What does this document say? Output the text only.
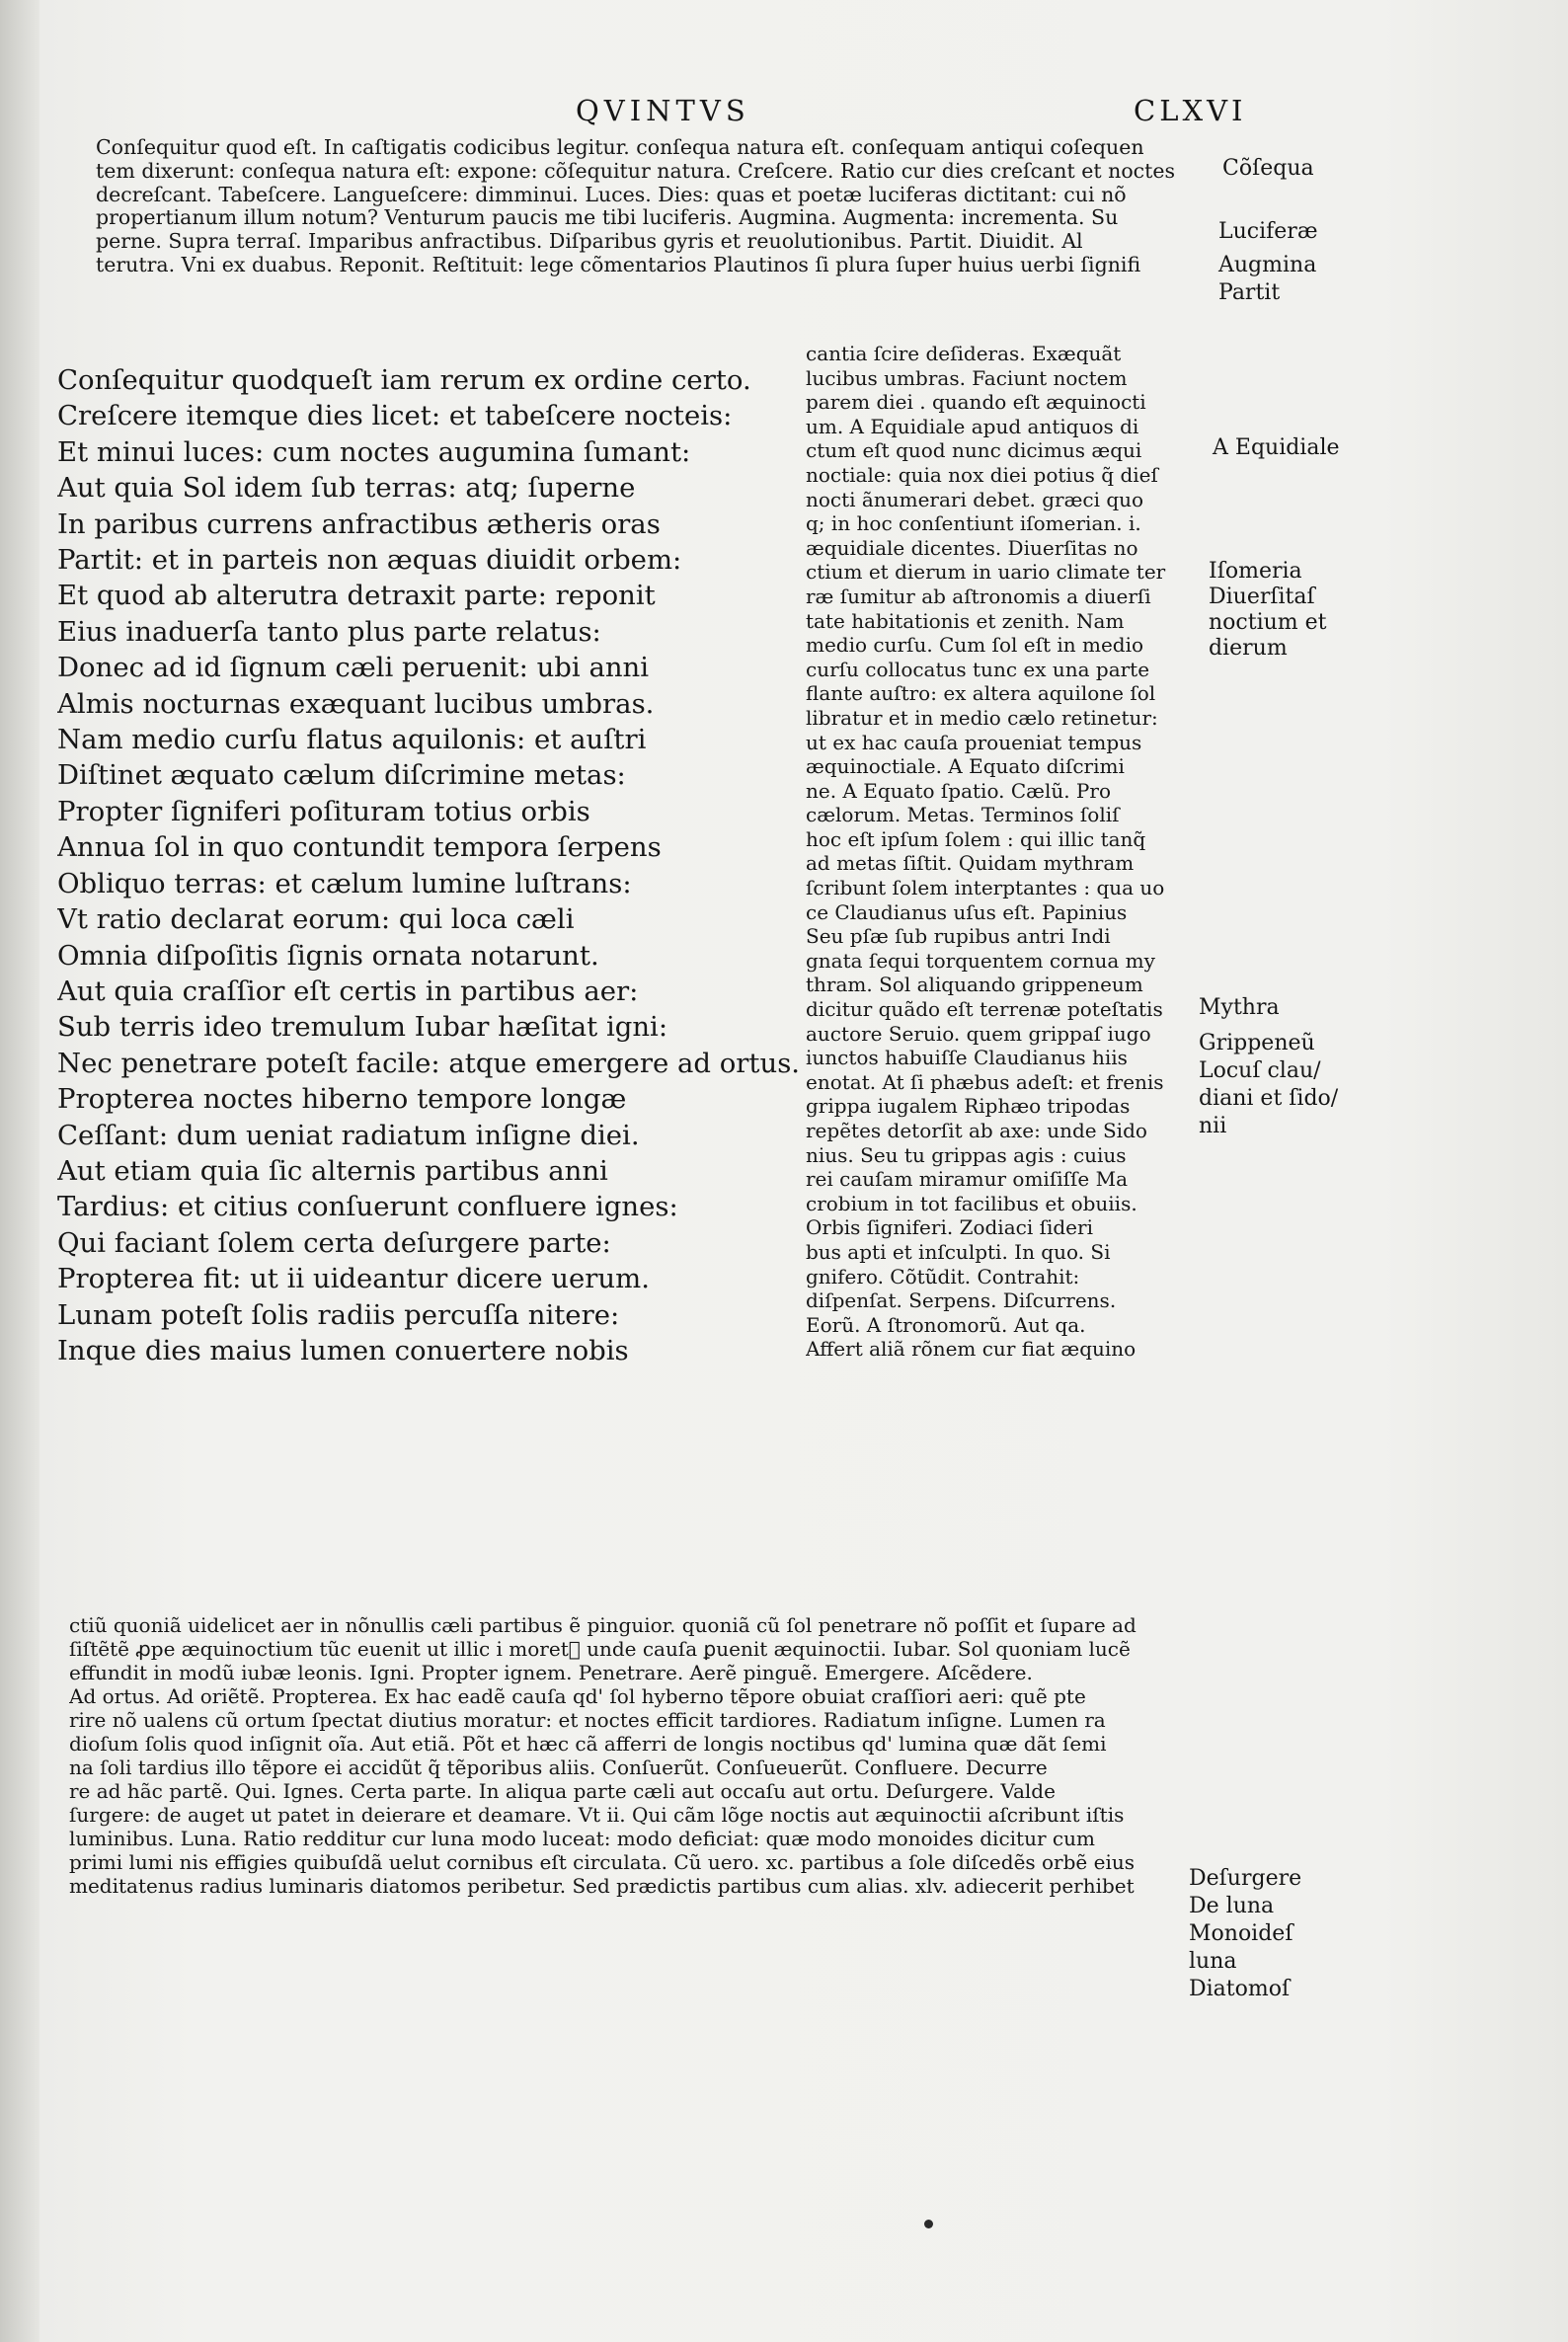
QVINTVS	CLXVI
Conſequitur quod eſt. In caſtigatis codicibus legitur. conſequa natura eſt. conſequam antiqui coſequen
tem dixerunt: conſequa natura eſt: expone: cõſequitur natura. Creſcere. Ratio cur dies creſcant et noctes
decreſcant. Tabeſcere. Langueſcere: dimminui. Luces. Dies: quas et poetæ luciferas dictitant: cui nõ
propertianum illum notum? Venturum paucis me tibi luciferis. Augmina. Augmenta: incrementa. Su
perne. Supra terraſ. Imparibus anfractibus. Diſparibus gyris et reuolutionibus. Partit. Diuidit. Al
terutra. Vni ex duabus. Reponit. Reſtituit: lege cõmentarios Plautinos ſi plura ſuper huius uerbi ſignifi
Conſequitur quodqueſt iam rerum ex ordine certo.
Creſcere itemque dies licet: et tabeſcere nocteis:
Et minui luces: cum noctes augumina ſumant:
Aut quia Sol idem ſub terras: atq; ſuperne
In paribus currens anfractibus ætheris oras
Partit: et in parteis non æquas diuidit orbem:
Et quod ab alterutra detraxit parte: reponit
Eius inaduerſa tanto plus parte relatus:
Donec ad id ſignum cæli peruenit: ubi anni
Almis nocturnas exæquant lucibus umbras.
Nam medio curſu flatus aquilonis: et auſtri
Diſtinet æquato cælum diſcrimine metas:
Propter ſigniferi poſituram totius orbis
Annua ſol in quo contundit tempora ſerpens
Obliquo terras: et cælum lumine luſtrans:
Vt ratio declarat eorum: qui loca cæli
Omnia diſpoſitis ſignis ornata notarunt.
Aut quia craſſior eſt certis in partibus aer:
Sub terris ideo tremulum Iubar hæſitat igni:
Nec penetrare poteſt facile: atque emergere ad ortus.
Propterea noctes hiberno tempore longæ
Ceſſant: dum ueniat radiatum inſigne diei.
Aut etiam quia ſic alternis partibus anni
Tardius: et citius conſuerunt confluere ignes:
Qui faciant ſolem certa deſurgere parte:
Propterea fit: ut ii uideantur dicere uerum.
Lunam poteſt ſolis radiis percuſſa nitere:
Inque dies maius lumen conuertere nobis
cantia ſcire deſideras. Exæquãt
lucibus umbras. Faciunt noctem
parem diei . quando eſt æquinocti
um. A Equidiale apud antiquos di
ctum eſt quod nunc dicimus æqui
noctiale: quia nox diei potius q̃ dieſ
nocti ãnumerari debet. græci quo
q; in hoc conſentiunt iſomerian. i.
æquidiale dicentes. Diuerſitas no
ctium et dierum in uario climate ter
ræ ſumitur ab aſtronomis a diuerſi
tate habitationis et zenith. Nam
medio curſu. Cum ſol eſt in medio
curſu collocatus tunc ex una parte
flante auſtro: ex altera aquilone ſol
libratur et in medio cælo retinetur:
ut ex hac cauſa proueniat tempus
æquinoctiale. A Equato diſcrimi
ne. A Equato ſpatio. Cælũ. Pro
cælorum. Metas. Terminos ſoliſ
hoc eſt ipſum ſolem : qui illic tanq̃
ad metas ſiſtit. Quidam mythram
ſcribunt ſolem interptantes : qua uo
ce Claudianus uſus eſt. Papinius
Seu pſæ ſub rupibus antri Indi
gnata ſequi torquentem cornua my
thram. Sol aliquando grippeneum
dicitur quãdo eſt terrenæ poteſtatis
auctore Seruio. quem grippaſ iugo
iunctos habuiſſe Claudianus hiis
enotat. At ſi phæbus adeſt: et frenis
grippa iugalem Riphæo tripodas
repẽtes detorſit ab axe: unde Sido
nius. Seu tu grippas agis : cuius
rei cauſam miramur omiſiſſe Ma
crobium in tot facilibus et obuiis.
Orbis ſigniferi. Zodiaci ſideri
bus apti et inſculpti. In quo. Si
gnifero. Cõtũdit. Contrahit:
diſpenſat. Serpens. Diſcurrens.
Eorũ. A ſtronomorũ. Aut qa.
Affert aliã rõnem cur fiat æquino
ctiũ quoniã uidelicet aer in nõnullis cæli partibus ẽ pinguior. quoniã cũ ſol penetrare nõ poſſit et ſupare ad
ſiſtẽtẽ ꝓpe æquinoctium tũc euenit ut illic i moretᷣ unde cauſa ꝑuenit æquinoctii. Iubar. Sol quoniam lucẽ
effundit in modũ iubæ leonis. Igni. Propter ignem. Penetrare. Aerẽ pinguẽ. Emergere. Aſcẽdere.
Ad ortus. Ad oriẽtẽ. Propterea. Ex hac eadẽ cauſa qd' ſol hyberno tẽpore obuiat craſſiori aeri: quẽ pte
rire nõ ualens cũ ortum ſpectat diutius moratur: et noctes efficit tardiores. Radiatum inſigne. Lumen ra
dioſum ſolis quod inſignit oĩa. Aut etiã. Põt et hæc cã afferri de longis noctibus qd' lumina quæ dãt ſemi
na ſoli tardius illo tẽpore ei accidũt q̃ tẽporibus aliis. Conſuerũt. Conſueuerũt. Confluere. Decurre
re ad hãc partẽ. Qui. Ignes. Certa parte. In aliqua parte cæli aut occaſu aut ortu. Deſurgere. Valde
ſurgere: de auget ut patet in deierare et deamare. Vt ii. Qui cãm lõge noctis aut æquinoctii aſcribunt iſtis
luminibus. Luna. Ratio redditur cur luna modo luceat: modo deficiat: quæ modo monoides dicitur cum
primi lumi nis effigies quibuſdã uelut cornibus eſt circulata. Cũ uero. xc. partibus a ſole diſcedẽs orbẽ eius
meditatenus radius luminaris diatomos peribetur. Sed prædictis partibus cum alias. xlv. adiecerit perhibet
Cõſequa
Luciferæ
Augmina
Partit
A Equidiale
Iſomeria
Diuerſitaſ
noctium et
dierum
Mythra
Grippeneũ
Locuſ clau/
diani et ſido/
nii
Deſurgere
De luna
Monoideſ
luna
Diatomoſ
